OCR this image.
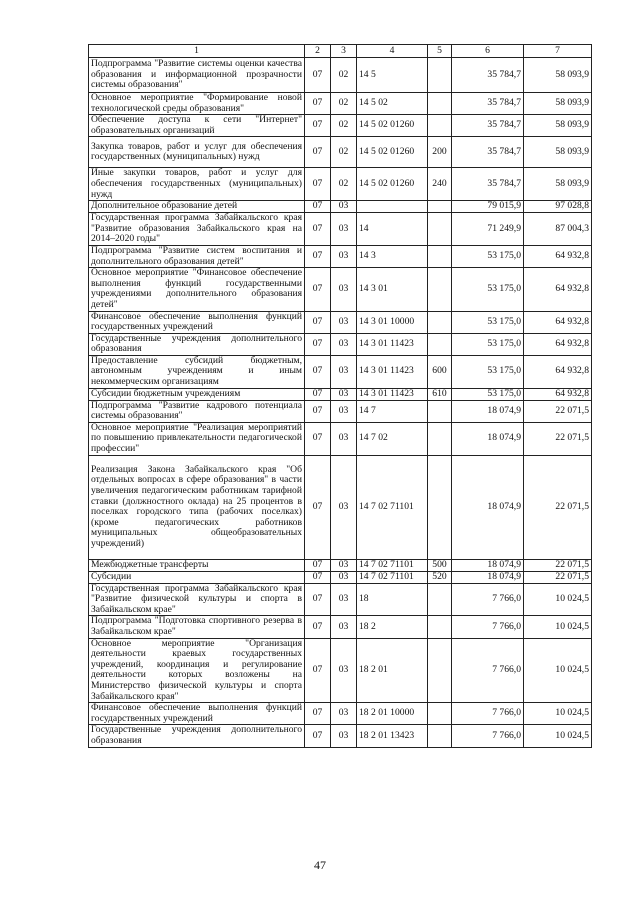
1	2	3	4	5	6	7
Подпрограмма "Развитие системы оценки качества образования и информационной прозрачности системы образования"	07	02	14 5		35 784,7	58 093,9
Основное мероприятие "Формирование новой технологической среды образования"	07	02	14 5 02		35 784,7	58 093,9
Обеспечение доступа к сети "Интернет" образовательных организаций	07	02	14 5 02 01260		35 784,7	58 093,9
Закупка товаров, работ и услуг для обеспечения государственных (муниципальных) нужд	07	02	14 5 02 01260	200	35 784,7	58 093,9
Иные закупки товаров, работ и услуг для обеспечения государственных (муниципальных) нужд	07	02	14 5 02 01260	240	35 784,7	58 093,9
Дополнительное образование детей	07	03			79 015,9	97 028,8
Государственная программа Забайкальского края "Развитие образования Забайкальского края на 2014–2020 годы"	07	03	14		71 249,9	87 004,3
Подпрограмма "Развитие систем воспитания и дополнительного образования детей"	07	03	14 3		53 175,0	64 932,8
Основное мероприятие "Финансовое обеспечение выполнения функций государственными учреждениями дополнительного образования детей"	07	03	14 3 01		53 175,0	64 932,8
Финансовое обеспечение выполнения функций государственных учреждений	07	03	14 3 01 10000		53 175,0	64 932,8
Государственные учреждения дополнительного образования	07	03	14 3 01 11423		53 175,0	64 932,8
Предоставление субсидий бюджетным, автономным учреждениям и иным некоммерческим организациям	07	03	14 3 01 11423	600	53 175,0	64 932,8
Субсидии бюджетным учреждениям	07	03	14 3 01 11423	610	53 175,0	64 932,8
Подпрограмма "Развитие кадрового потенциала системы образования"	07	03	14 7		18 074,9	22 071,5
Основное мероприятие "Реализация мероприятий по повышению привлекательности педагогической профессии"	07	03	14 7 02		18 074,9	22 071,5
Реализация Закона Забайкальского края "Об отдельных вопросах в сфере образования" в части увеличения педагогическим работникам тарифной ставки (должностного оклада) на 25 процентов в поселках городского типа (рабочих поселках) (кроме педагогических работников муниципальных общеобразовательных учреждений)	07	03	14 7 02 71101		18 074,9	22 071,5
Межбюджетные трансферты	07	03	14 7 02 71101	500	18 074,9	22 071,5
Субсидии	07	03	14 7 02 71101	520	18 074,9	22 071,5
Государственная программа Забайкальского края "Развитие физической культуры и спорта в Забайкальском крае"	07	03	18		7 766,0	10 024,5
Подпрограмма "Подготовка спортивного резерва в Забайкальском крае"	07	03	18 2		7 766,0	10 024,5
Основное мероприятие "Организация деятельности краевых государственных учреждений, координация и регулирование деятельности которых возложены на Министерство физической культуры и спорта Забайкальского края"	07	03	18 2 01		7 766,0	10 024,5
Финансовое обеспечение выполнения функций государственных учреждений	07	03	18 2 01 10000		7 766,0	10 024,5
Государственные учреждения дополнительного образования	07	03	18 2 01 13423		7 766,0	10 024,5
47
